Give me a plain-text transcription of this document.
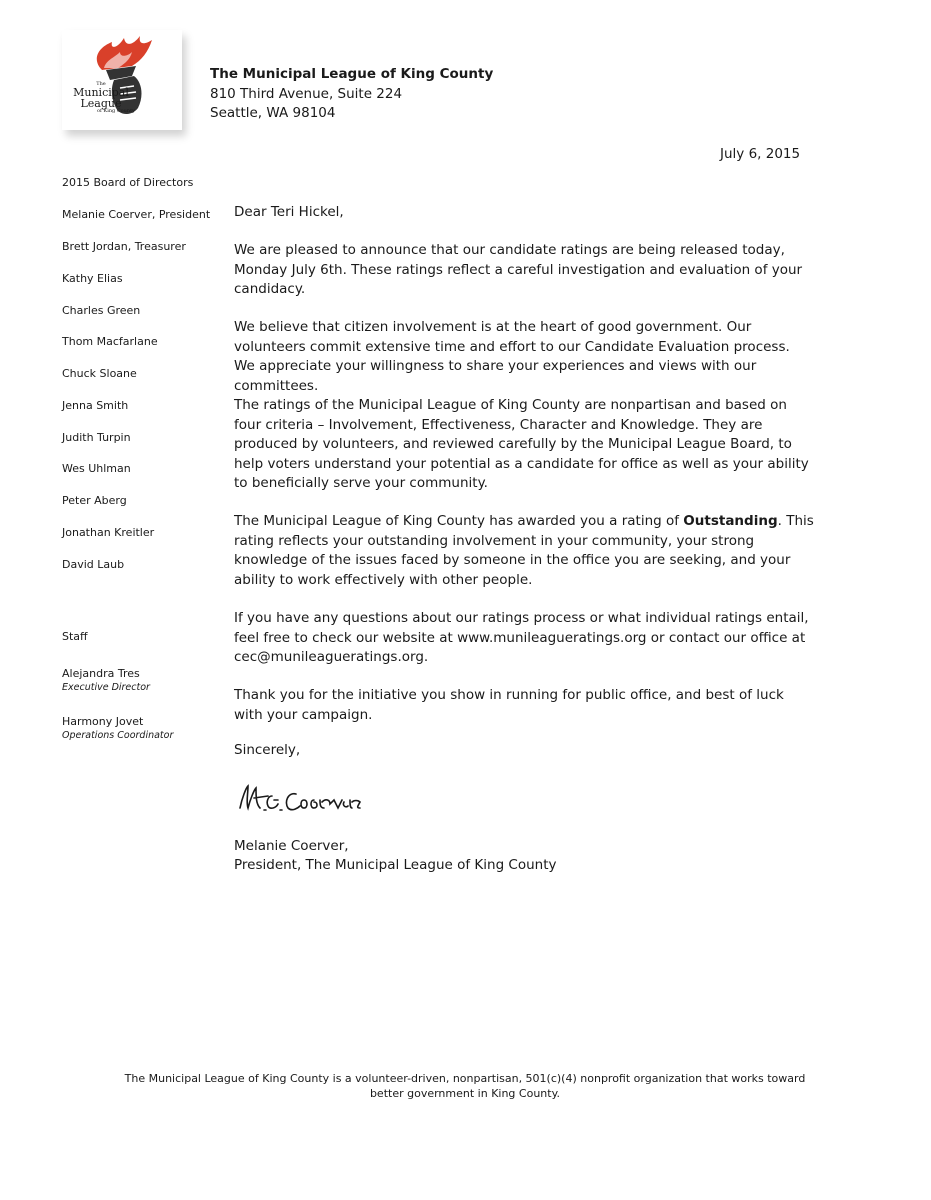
The
Municipal
League
of King County
The Municipal League of King County
810 Third Avenue, Suite 224
Seattle, WA 98104
July 6, 2015
2015 Board of Directors
Melanie Coerver, President
Brett Jordan, Treasurer
Kathy Elias
Charles Green
Thom Macfarlane
Chuck Sloane
Jenna Smith
Judith Turpin
Wes Uhlman
Peter Aberg
Jonathan Kreitler
David Laub
Staff
Alejandra Tres
Executive Director
Harmony Jovet
Operations Coordinator
Dear Teri Hickel,

We are pleased to announce that our candidate ratings are being released today, Monday July 6th. These ratings reflect a careful investigation and evaluation of your candidacy.

We believe that citizen involvement is at the heart of good government. Our volunteers commit extensive time and effort to our Candidate Evaluation process. We appreciate your willingness to share your experiences and views with our committees.

The ratings of the Municipal League of King County are nonpartisan and based on four criteria – Involvement, Effectiveness, Character and Knowledge. They are produced by volunteers, and reviewed carefully by the Municipal League Board, to help voters understand your potential as a candidate for office as well as your ability to beneficially serve your community.

The Municipal League of King County has awarded you a rating of Outstanding. This rating reflects your outstanding involvement in your community, your strong knowledge of the issues faced by someone in the office you are seeking, and your ability to work effectively with other people.

If you have any questions about our ratings process or what individual ratings entail, feel free to check our website at www.munileagueratings.org or contact our office at cec@munileagueratings.org.

Thank you for the initiative you show in running for public office, and best of luck with your campaign.

Sincerely,
Melanie Coerver,
President, The Municipal League of King County
The Municipal League of King County is a volunteer-driven, nonpartisan, 501(c)(4) nonprofit organization that works toward better government in King County.
